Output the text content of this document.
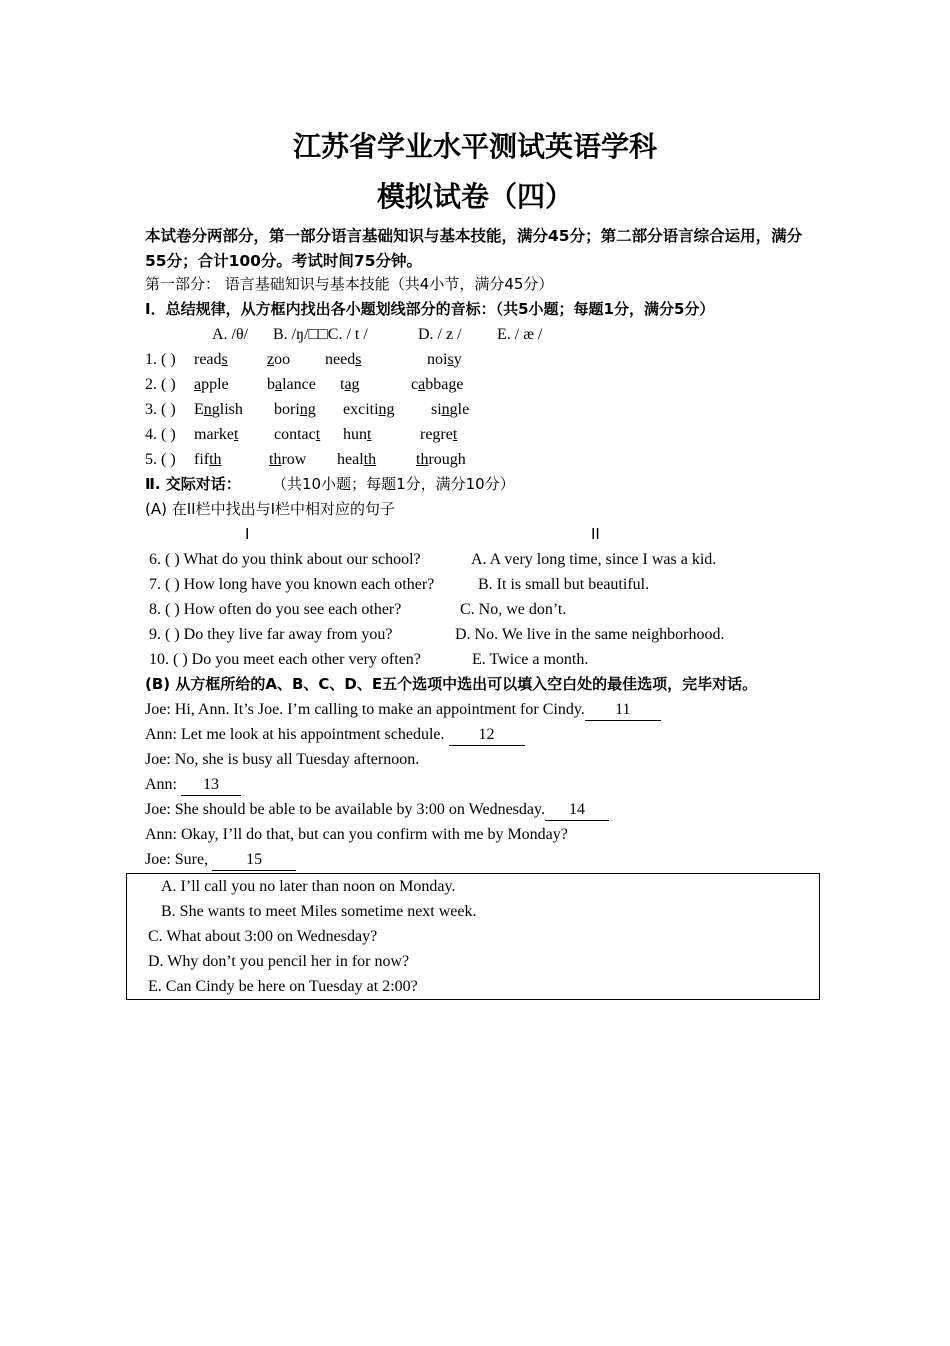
江苏省学业水平测试英语学科
模拟试卷（四）
本试卷分两部分，第一部分语言基础知识与基本技能，满分45分；第二部分语言综合运用，满分55分；合计100分。考试时间75分钟。
第一部分： 语言基础知识与基本技能（共4小节，满分45分）
Ⅰ．总结规律，从方框内找出各小题划线部分的音标：（共5小题；每题1分，满分5分）
A. /θ/ B. /ŋ/□□C. / t /	D. / z / E. / æ /
1. ( ) reads zoo needs	noisy
2. ( ) apple balance tag	cabbage
3. ( ) English boring exciting single
4. ( ) market contact hunt	regret
5. ( ) fifth	throw health through
Ⅱ. 交际对话： （共10小题；每题1分，满分10分）
(A) 在II栏中找出与I栏中相对应的句子
I	II
6. ( ) What do you think about our school?	A. A very long time, since I was a kid.
7. ( ) How long have you known each other?	B. It is small but beautiful.
8. ( ) How often do you see each other?	C. No, we don’t.
9. ( ) Do they live far away from you?	D. No. We live in the same neighborhood.
10. ( ) Do you meet each other very often?	E. Twice a month.
(B) 从方框所给的A、B、C、D、E五个选项中选出可以填入空白处的最佳选项，完毕对话。
Joe: Hi, Ann. It’s Joe. I’m calling to make an appointment for Cindy. 11
Ann: Let me look at his appointment schedule. 12
Joe: No, she is busy all Tuesday afternoon.
Ann: 13
Joe: She should be able to be available by 3:00 on Wednesday. 14
Ann: Okay, I’ll do that, but can you confirm with me by Monday?
Joe: Sure, 15
A. I’ll call you no later than noon on Monday.
B. She wants to meet Miles sometime next week.
C. What about 3:00 on Wednesday?
D. Why don’t you pencil her in for now?
E. Can Cindy be here on Tuesday at 2:00?
